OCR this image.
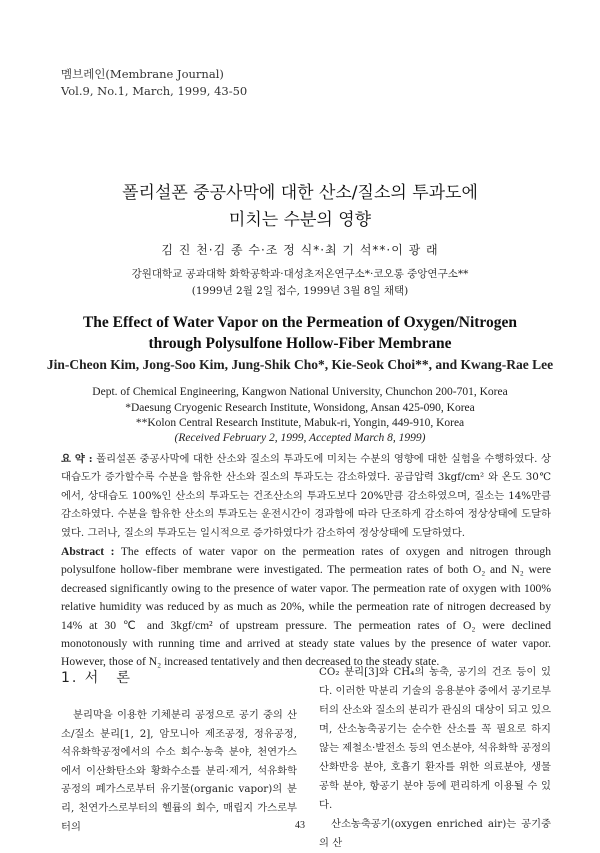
멤브레인(Membrane Journal)
Vol.9, No.1, March, 1999, 43-50
폴리설폰 중공사막에 대한 산소/질소의 투과도에
미치는 수분의 영향
김 진 천·김 종 수·조 정 식*·최 기 석**·이 광 래
강원대학교 공과대학 화학공학과·대성초저온연구소*·코오롱 중앙연구소**
(1999년 2월 2일 접수, 1999년 3월 8일 채택)
The Effect of Water Vapor on the Permeation of Oxygen/Nitrogen
through Polysulfone Hollow-Fiber Membrane
Jin-Cheon Kim, Jong-Soo Kim, Jung-Shik Cho*, Kie-Seok Choi**, and Kwang-Rae Lee
Dept. of Chemical Engineering, Kangwon National University, Chunchon 200-701, Korea
*Daesung Cryogenic Research Institute, Wonsidong, Ansan 425-090, Korea
**Kolon Central Research Institute, Mabuk-ri, Yongin, 449-910, Korea
(Received February 2, 1999, Accepted March 8, 1999)
요 약 : 폴리설폰 중공사막에 대한 산소와 질소의 투과도에 미치는 수분의 영향에 대한 실험을 수행하였다. 상대습도가 증가할수록 수분을 함유한 산소와 질소의 투과도는 감소하였다. 공급압력 3kgf/cm² 와 온도 30℃에서, 상대습도 100%인 산소의 투과도는 건조산소의 투과도보다 20%만큼 감소하였으며, 질소는 14%만큼 감소하였다. 수분을 함유한 산소의 투과도는 운전시간이 경과함에 따라 단조하게 감소하여 정상상태에 도달하였다. 그러나, 질소의 투과도는 일시적으로 증가하였다가 감소하여 정상상태에 도달하였다.
Abstract : The effects of water vapor on the permeation rates of oxygen and nitrogen through polysulfone hollow-fiber membrane were investigated. The permeation rates of both O₂ and N₂ were decreased significantly owing to the presence of water vapor. The permeation rate of oxygen with 100% relative humidity was reduced by as much as 20%, while the permeation rate of nitrogen decreased by 14% at 30 ℃ and 3kgf/cm² of upstream pressure. The permeation rates of O₂ were declined monotonously with running time and arrived at steady state values by the presence of water vapor. However, those of N₂ increased tentatively and then decreased to the steady state.
1. 서　론

분리막을 이용한 기체분리 공정으로 공기 중의 산소/질소 분리[1, 2], 암모니아 제조공정, 정유공정, 석유화학공정에서의 수소 회수·농축 분야, 천연가스에서 이산화탄소와 황화수소를 분리·제거, 석유화학공정의 폐가스로부터 유기물(organic vapor)의 분리, 천연가스로부터의 헬륨의 회수, 매립지 가스로부터의

CO₂ 분리[3]와 CH₄의 농축, 공기의 건조 등이 있다. 이러한 막분리 기술의 응용분야 중에서 공기로부터의 산소와 질소의 분리가 관심의 대상이 되고 있으며, 산소농축공기는 순수한 산소를 꼭 필요로 하지 않는 제철소·발전소 등의 연소분야, 석유화학 공정의 산화반응 분야, 호흡기 환자를 위한 의료분야, 생물공학 분야, 항공기 분야 등에 편리하게 이용될 수 있다.

산소농축공기(oxygen enriched air)는 공기중의 산

43
